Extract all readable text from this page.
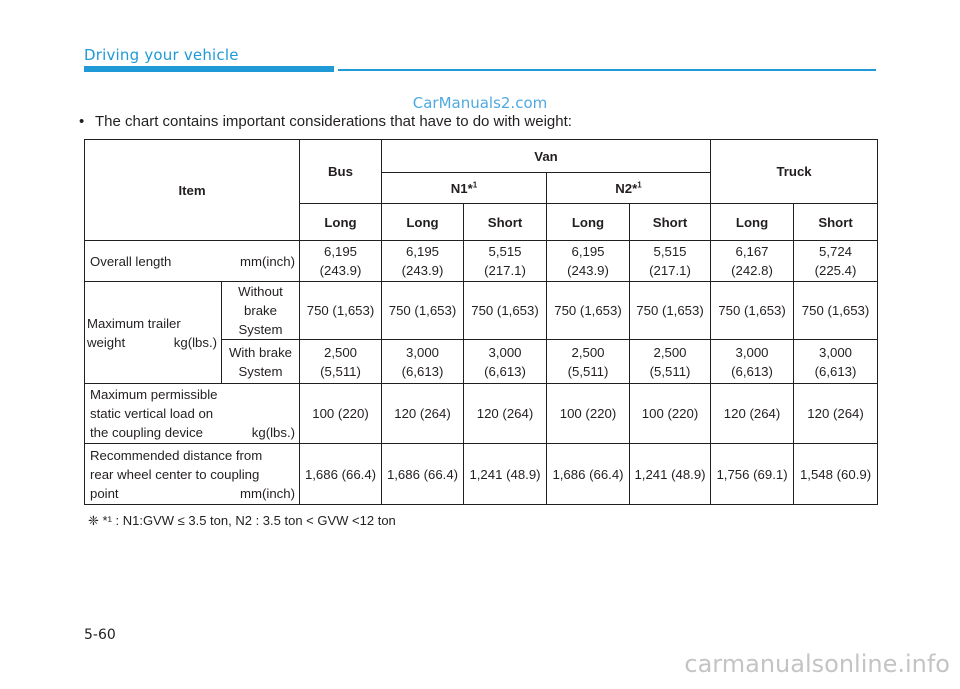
Driving your vehicle
CarManuals2.com
• The chart contains important considerations that have to do with weight:
Item		Bus	Van				Truck	
			N1*$^1$		N2*$^1$
		Long	Long	Short	Long	Short	Long	Short

Overall length mm(inch)		6,195
(243.9)	6,195
(243.9)	5,515
(217.1)	6,195
(243.9)	5,515
(217.1)	6,167
(242.8)	5,724
(225.4)
Maximum trailer

weight kg(lbs.)	Without
brake
System	750 (1,653)	750 (1,653)	750 (1,653)	750 (1,653)	750 (1,653)	750 (1,653)	750 (1,653)
	With brake
System	2,500
(5,511)	3,000
(6,613)	3,000
(6,613)	2,500
(5,511)	2,500
(5,511)	3,000
(6,613)	3,000
(6,613)
Maximum permissible
static vertical load on

the coupling device kg(lbs.)		100 (220)	120 (264)	120 (264)	100 (220)	100 (220)	120 (264)	120 (264)
Recommended distance from
rear wheel center to coupling

point mm(inch)		1,686 (66.4)	1,686 (66.4)	1,241 (48.9)	1,686 (66.4)	1,241 (48.9)	1,756 (69.1)	1,548 (60.9)
❈ *¹ : N1:GVW ≤ 3.5 ton, N2 : 3.5 ton < GVW <12 ton
5-60
carmanualsonline.info
